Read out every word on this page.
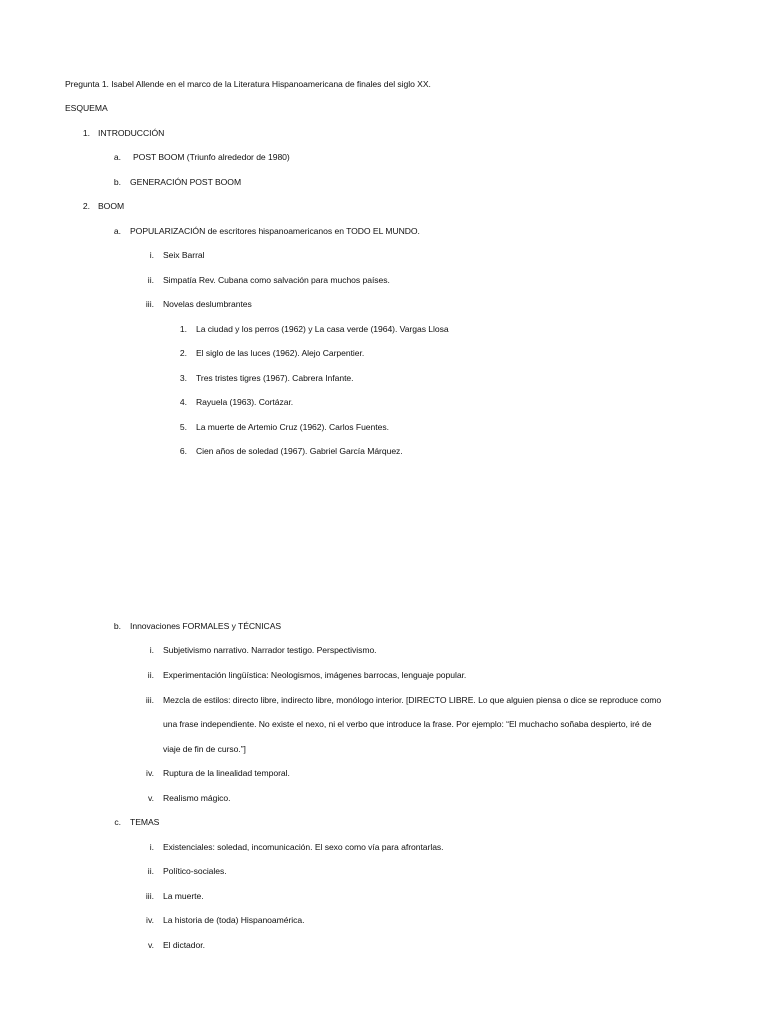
Pregunta 1. Isabel Allende en el marco de la Literatura Hispanoamericana de finales del siglo XX.
ESQUEMA
1. INTRODUCCIÓN
a. POST BOOM (Triunfo alrededor de 1980)
b. GENERACIÓN POST BOOM
2. BOOM
a. POPULARIZACIÓN de escritores hispanoamericanos en TODO EL MUNDO.
i. Seix Barral
ii. Simpatía Rev. Cubana como salvación para muchos países.
iii. Novelas deslumbrantes
1. La ciudad y los perros (1962) y La casa verde (1964). Vargas Llosa
2. El siglo de las luces (1962). Alejo Carpentier.
3. Tres tristes tigres (1967). Cabrera Infante.
4. Rayuela (1963). Cortázar.
5. La muerte de Artemio Cruz (1962). Carlos Fuentes.
6. Cien años de soledad (1967). Gabriel García Márquez.
b. Innovaciones FORMALES y TÉCNICAS
i. Subjetivismo narrativo. Narrador testigo. Perspectivismo.
ii. Experimentación lingüística: Neologismos, imágenes barrocas, lenguaje popular.
iii. Mezcla de estilos: directo libre, indirecto libre, monólogo interior. [DIRECTO LIBRE. Lo que alguien piensa o dice se reproduce como
una frase independiente. No existe el nexo, ni el verbo que introduce la frase. Por ejemplo: “El muchacho soñaba despierto, iré de
viaje de fin de curso.”]
iv. Ruptura de la linealidad temporal.
v. Realismo mágico.
c. TEMAS
i. Existenciales: soledad, incomunicación. El sexo como vía para afrontarlas.
ii. Político-sociales.
iii. La muerte.
iv. La historia de (toda) Hispanoamérica.
v. El dictador.
